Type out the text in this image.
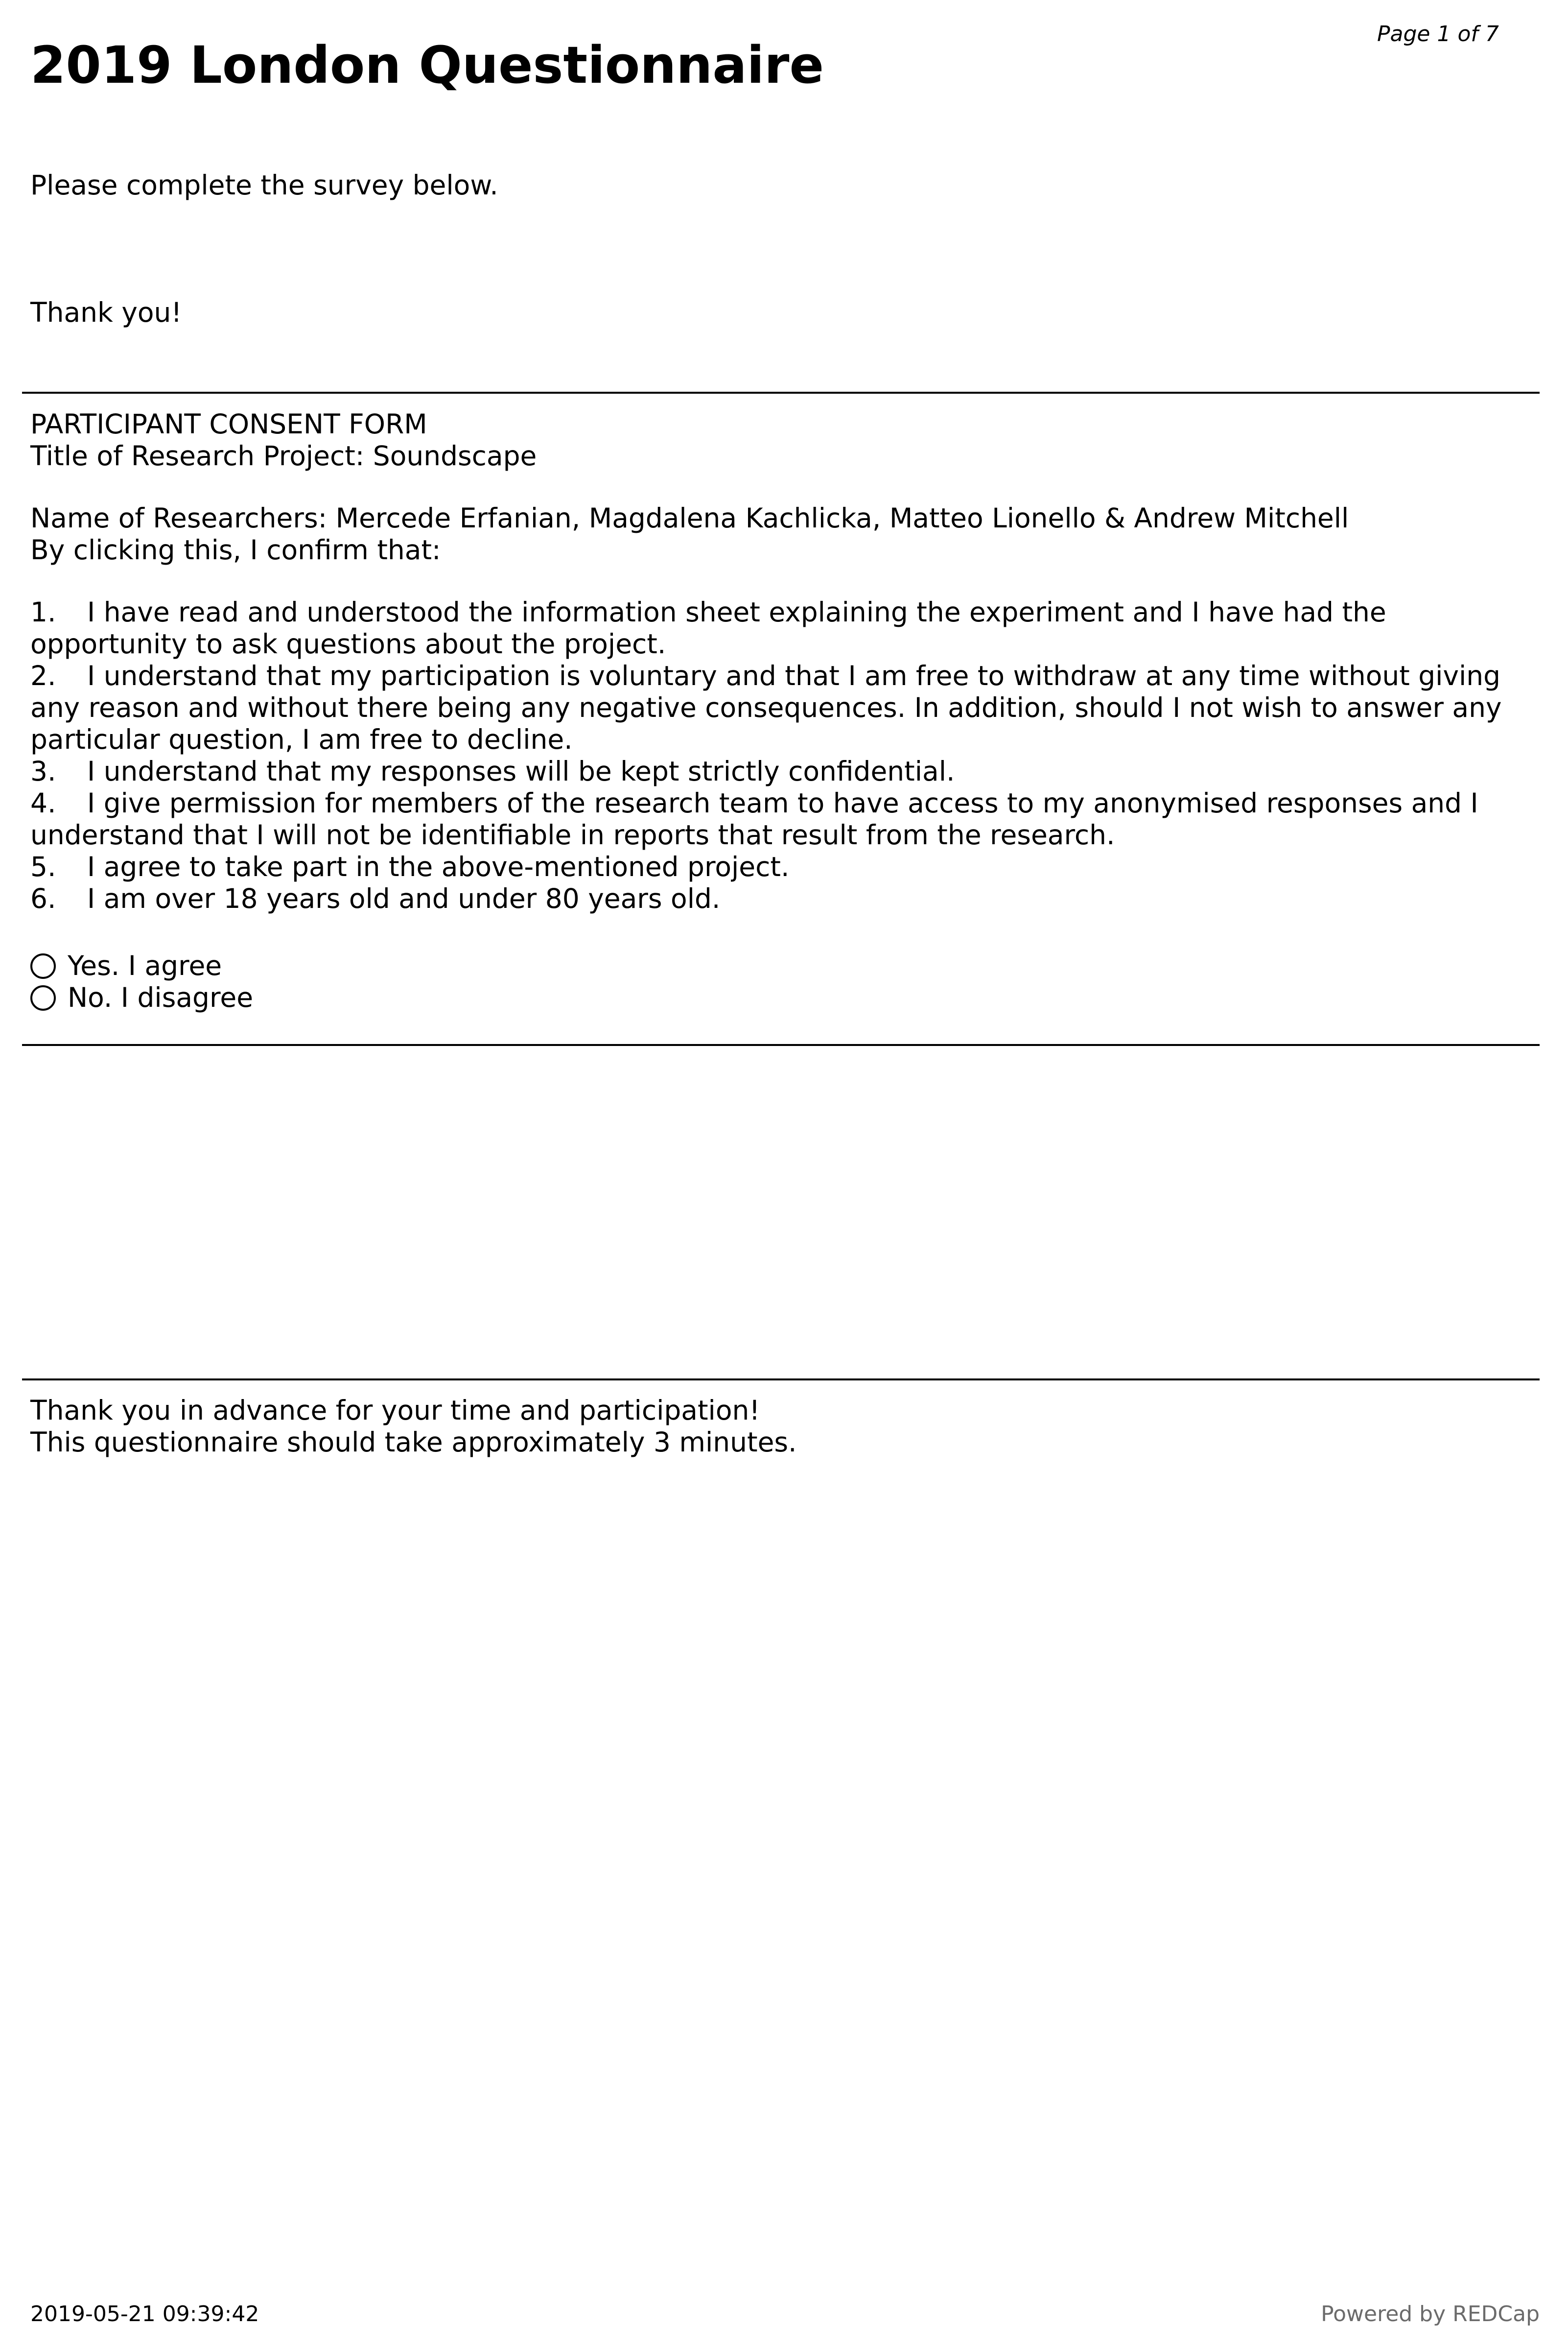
Page 1 of 7
2019 London Questionnaire

Please complete the survey below.

Thank you!

PARTICIPANT CONSENT FORM

Title of Research Project: Soundscape

Name of Researchers: Mercede Erfanian, Magdalena Kachlicka, Matteo Lionello & Andrew Mitchell

By clicking this, I confirm that:

1. I have read and understood the information sheet explaining the experiment and I have had the opportunity to ask questions about the project.
2. I understand that my participation is voluntary and that I am free to withdraw at any time without giving any reason and without there being any negative consequences. In addition, should I not wish to answer any particular question, I am free to decline.
3. I understand that my responses will be kept strictly confidential.
4. I give permission for members of the research team to have access to my anonymised responses and I understand that I will not be identifiable in reports that result from the research.
5. I agree to take part in the above-mentioned project.
6. I am over 18 years old and under 80 years old.
Yes. I agree
No. I disagree

Thank you in advance for your time and participation!

This questionnaire should take approximately 3 minutes.

2019-05-21 09:39:42	Powered by REDCap
